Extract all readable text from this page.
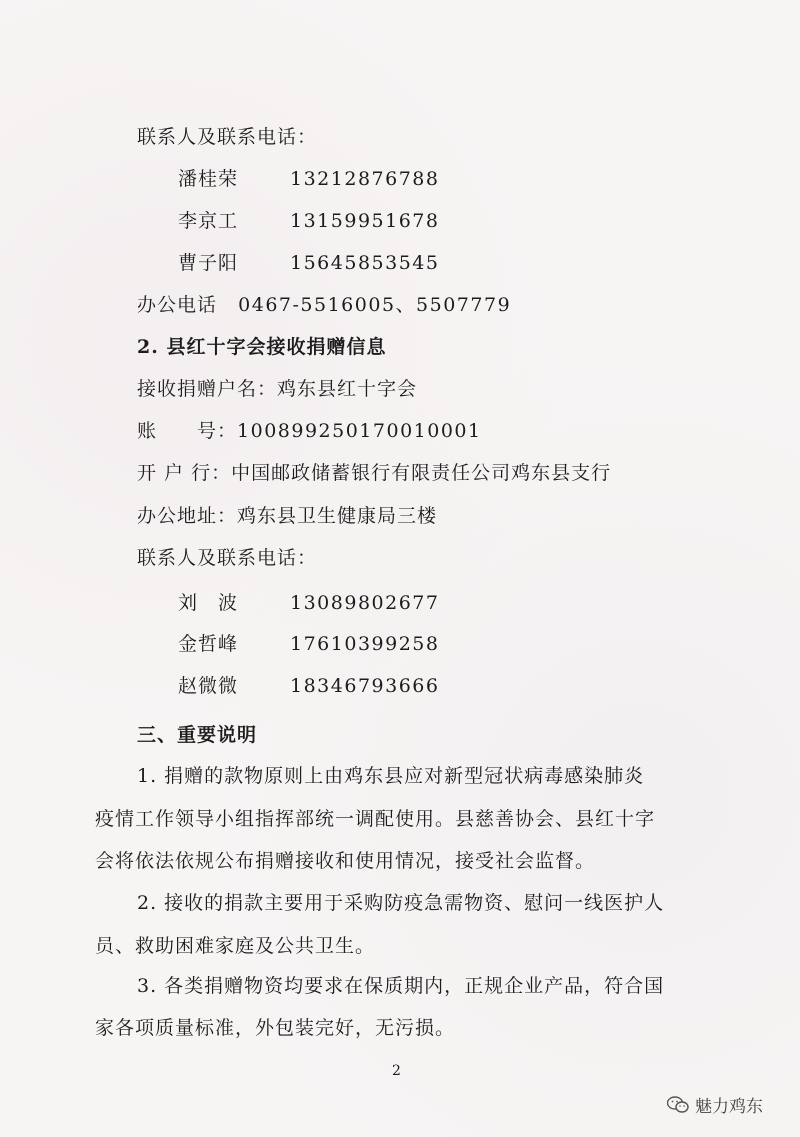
联系人及联系电话：
潘桂荣	13212876788
李京工	13159951678
曹子阳	15645853545
办公电话 0467-5516005、5507779
2. 县红十字会接收捐赠信息
接收捐赠户名：鸡东县红十字会
账　　号：100899250170010001
开 户 行：中国邮政储蓄银行有限责任公司鸡东县支行
办公地址：鸡东县卫生健康局三楼
联系人及联系电话：
刘　波	13089802677
金哲峰	17610399258
赵微微	18346793666
三、重要说明
1. 捐赠的款物原则上由鸡东县应对新型冠状病毒感染肺炎
疫情工作领导小组指挥部统一调配使用。县慈善协会、县红十字
会将依法依规公布捐赠接收和使用情况，接受社会监督。
2. 接收的捐款主要用于采购防疫急需物资、慰问一线医护人
员、救助困难家庭及公共卫生。
3. 各类捐赠物资均要求在保质期内，正规企业产品，符合国
家各项质量标准，外包装完好，无污损。
2
魅力鸡东
